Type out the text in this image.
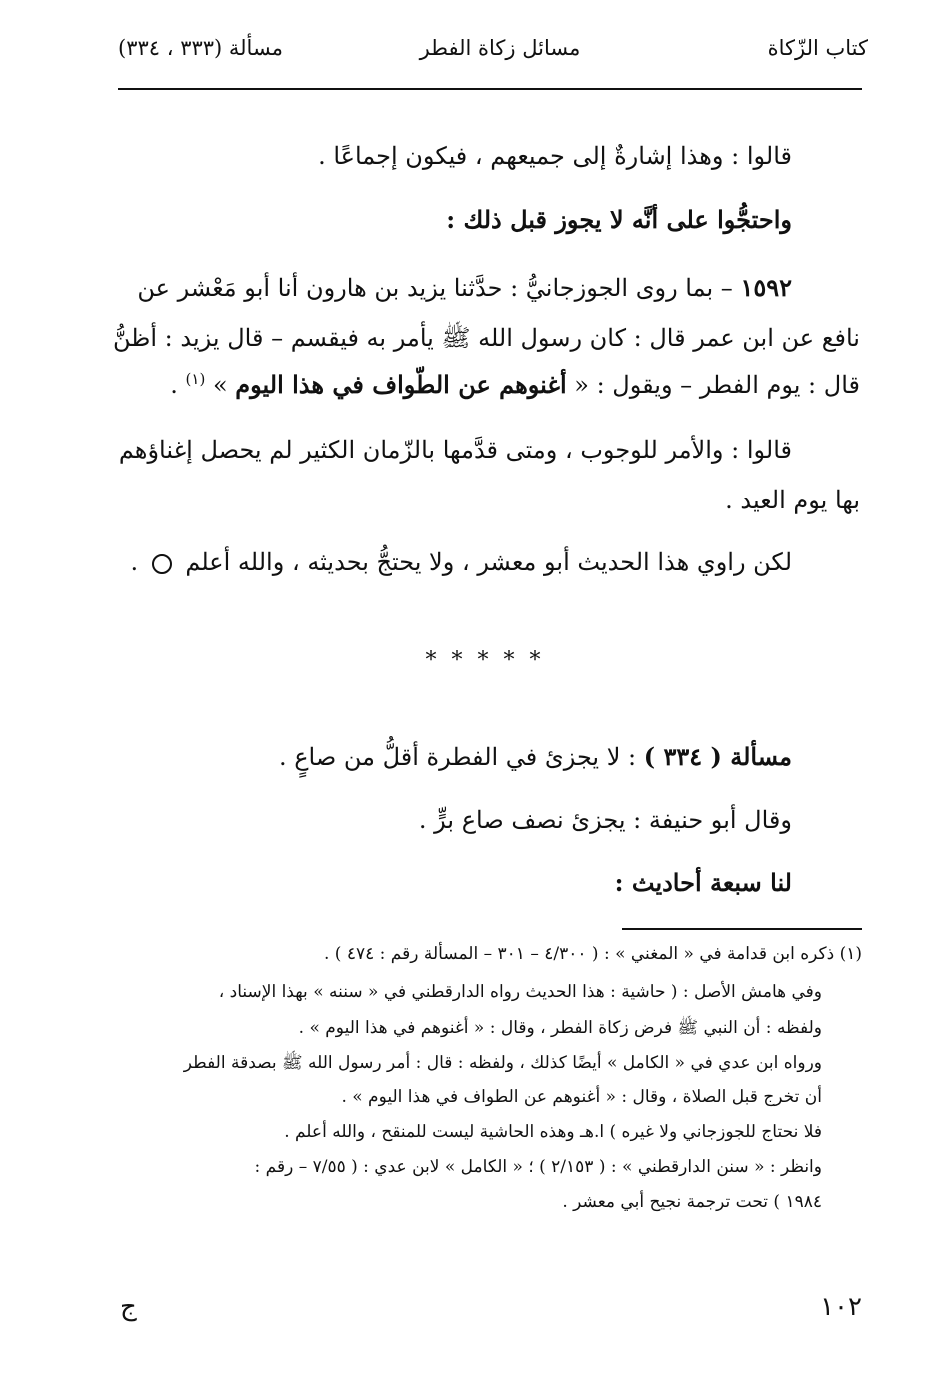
كتاب الزّكاة
مسائل زكاة الفطر
مسألة (٣٣٣ ، ٣٣٤)
قالوا : وهذا إشارةٌ إلى جميعهم ، فيكون إجماعًا .
واحتجُّوا على أنَّه لا يجوز قبل ذلك :
١٥٩٢ – بما روى الجوزجانيُّ : حدَّثنا يزيد بن هارون أنا أبو مَعْشر عن
نافع عن ابن عمر قال : كان رسول الله ﷺ يأمر به فيقسم – قال يزيد : أظنُّ
قال : يوم الفطر – ويقول : « أغنوهم عن الطّواف في هذا اليوم » $^{(١)}$ .
قالوا : والأمر للوجوب ، ومتى قدَّمها بالزّمان الكثير لم يحصل إغناؤهم
بها يوم العيد .
لكن راوي هذا الحديث أبو معشر ، ولا يحتجُّ بحديثه ، والله أعلم  .
* * * * *
مسألة ( ٣٣٤ ) : لا يجزئ في الفطرة أقلُّ من صاعٍ .
وقال أبو حنيفة : يجزئ نصف صاع برٍّ .
لنا سبعة أحاديث :
(١) ذكره ابن قدامة في « المغني » : ( ٤/٣٠٠ – ٣٠١ – المسألة رقم : ٤٧٤ ) .
وفي هامش الأصل : ( حاشية : هذا الحديث رواه الدارقطني في « سننه » بهذا الإسناد ،
ولفظه : أن النبي ﷺ فرض زكاة الفطر ، وقال : « أغنوهم في هذا اليوم » .
ورواه ابن عدي في « الكامل » أيضًا كذلك ، ولفظه : قال : أمر رسول الله ﷺ بصدقة الفطر
أن تخرج قبل الصلاة ، وقال : « أغنوهم عن الطواف في هذا اليوم » .
فلا نحتاج للجوزجاني ولا غيره ) ا.هـ وهذه الحاشية ليست للمنقح ، والله أعلم .
وانظر : « سنن الدارقطني » : ( ٢/١٥٣ ) ؛ « الكامل » لابن عدي : ( ٧/٥٥ – رقم :
١٩٨٤ ) تحت ترجمة نجيح أبي معشر .
١٠٢
ج
